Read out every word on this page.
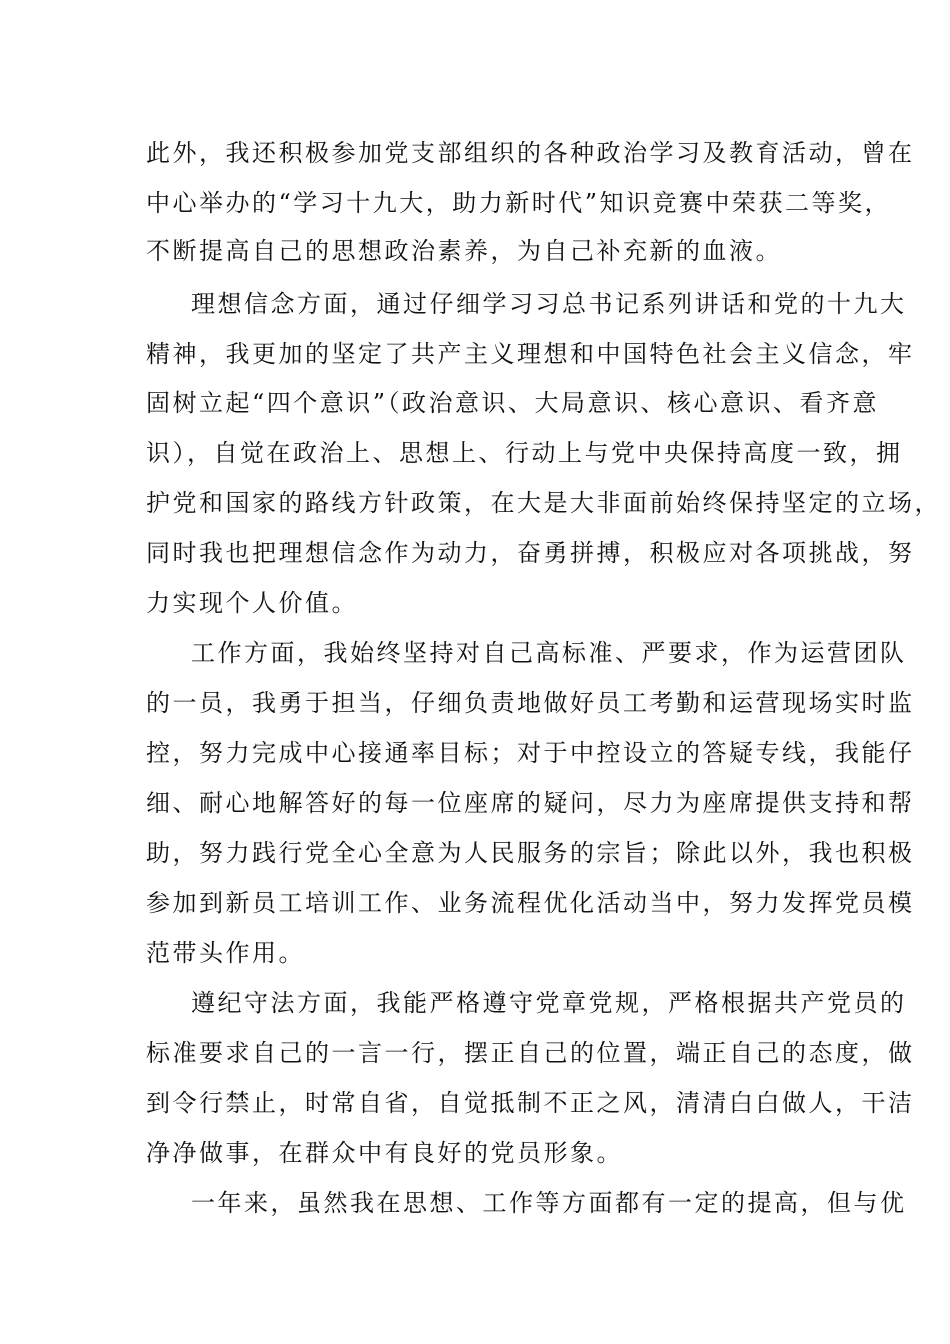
此外，我还积极参加党支部组织的各种政治学习及教育活动，曾在
中心举办的“学习十九大，助力新时代”知识竞赛中荣获二等奖，
不断提高自己的思想政治素养，为自己补充新的血液。
理想信念方面，通过仔细学习习总书记系列讲话和党的十九大
精神，我更加的坚定了共产主义理想和中国特色社会主义信念，牢
固树立起“四个意识”（政治意识、大局意识、核心意识、看齐意
识），自觉在政治上、思想上、行动上与党中央保持高度一致，拥
护党和国家的路线方针政策，在大是大非面前始终保持坚定的立场，
同时我也把理想信念作为动力，奋勇拼搏，积极应对各项挑战，努
力实现个人价值。
工作方面，我始终坚持对自己高标准、严要求，作为运营团队
的一员，我勇于担当，仔细负责地做好员工考勤和运营现场实时监
控，努力完成中心接通率目标；对于中控设立的答疑专线，我能仔
细、耐心地解答好的每一位座席的疑问，尽力为座席提供支持和帮
助，努力践行党全心全意为人民服务的宗旨；除此以外，我也积极
参加到新员工培训工作、业务流程优化活动当中，努力发挥党员模
范带头作用。
遵纪守法方面，我能严格遵守党章党规，严格根据共产党员的
标准要求自己的一言一行，摆正自己的位置，端正自己的态度，做
到令行禁止，时常自省，自觉抵制不正之风，清清白白做人，干洁
净净做事，在群众中有良好的党员形象。
一年来，虽然我在思想、工作等方面都有一定的提高，但与优
